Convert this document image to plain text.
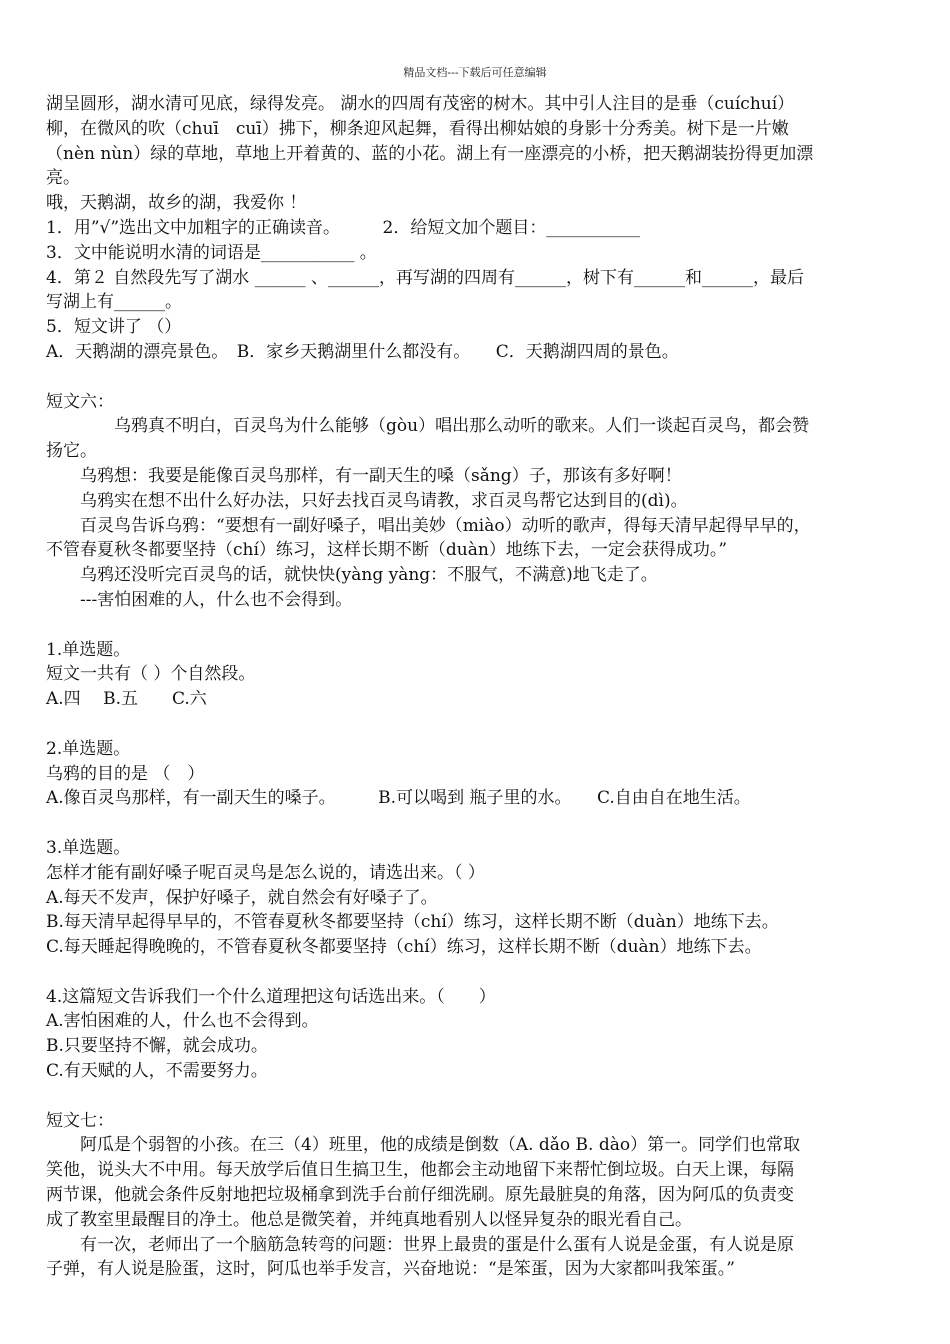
精品文档---下载后可任意编辑

湖呈圆形，湖水清可见底，绿得发亮。 湖水的四周有茂密的树木。其中引人注目的是垂（cuíchuí）

柳，在微风的吹（chuī　cuī）拂下，柳条迎风起舞，看得出柳姑娘的身影十分秀美。树下是一片嫩

（nèn nùn）绿的草地，草地上开着黄的、蓝的小花。湖上有一座漂亮的小桥，把天鹅湖装扮得更加漂

亮。

哦，天鹅湖，故乡的湖，我爱你 ！

1．用”√”选出文中加粗字的正确读音。　　　2．给短文加个题目：___________

3．文中能说明水清的词语是___________ 。

4．第２ 自然段先写了湖水 ______ 、______，再写湖的四周有______，树下有______和______，最后

写湖上有______。

5．短文讲了 （）

A．天鹅湖的漂亮景色。　B．家乡天鹅湖里什么都没有。　　C．天鹅湖四周的景色。

短文六：

乌鸦真不明白，百灵鸟为什么能够（gòu）唱出那么动听的歌来。人们一谈起百灵鸟，都会赞

扬它。

乌鸦想：我要是能像百灵鸟那样，有一副天生的嗓（sǎng）子，那该有多好啊！

乌鸦实在想不出什么好办法，只好去找百灵鸟请教，求百灵鸟帮它达到目的(dì)。

百灵鸟告诉乌鸦：“要想有一副好嗓子，唱出美妙（miào）动听的歌声，得每天清早起得早早的，

不管春夏秋冬都要坚持（chí）练习，这样长期不断（duàn）地练下去，一定会获得成功。”

乌鸦还没听完百灵鸟的话，就快快(yàng yàng：不服气，不满意)地飞走了。

---害怕困难的人，什么也不会得到。

1.单选题。

短文一共有（ ）个自然段。

A.四　 B.五　　C.六

2.单选题。

乌鸦的目的是 （　）

A.像百灵鸟那样，有一副天生的嗓子。　　　B.可以喝到 瓶子里的水。　　C.自由自在地生活。

3.单选题。

怎样才能有副好嗓子呢百灵鸟是怎么说的，请选出来。（ ）

A.每天不发声，保护好嗓子，就自然会有好嗓子了。

B.每天清早起得早早的，不管春夏秋冬都要坚持（chí）练习，这样长期不断（duàn）地练下去。

C.每天睡起得晚晚的，不管春夏秋冬都要坚持（chí）练习，这样长期不断（duàn）地练下去。

4.这篇短文告诉我们一个什么道理把这句话选出来。（　　）

A.害怕困难的人，什么也不会得到。

B.只要坚持不懈，就会成功。

C.有天赋的人，不需要努力。

短文七：

阿瓜是个弱智的小孩。在三（4）班里，他的成绩是倒数（A. dǎo B. dào）第一。同学们也常取

笑他，说头大不中用。每天放学后值日生搞卫生，他都会主动地留下来帮忙倒垃圾。白天上课，每隔

两节课，他就会条件反射地把垃圾桶拿到洗手台前仔细洗刷。原先最脏臭的角落，因为阿瓜的负责变

成了教室里最醒目的净土。他总是微笑着，并纯真地看别人以怪异复杂的眼光看自己。

有一次，老师出了一个脑筋急转弯的问题：世界上最贵的蛋是什么蛋有人说是金蛋，有人说是原

子弹，有人说是脸蛋，这时，阿瓜也举手发言，兴奋地说：“是笨蛋，因为大家都叫我笨蛋。”
